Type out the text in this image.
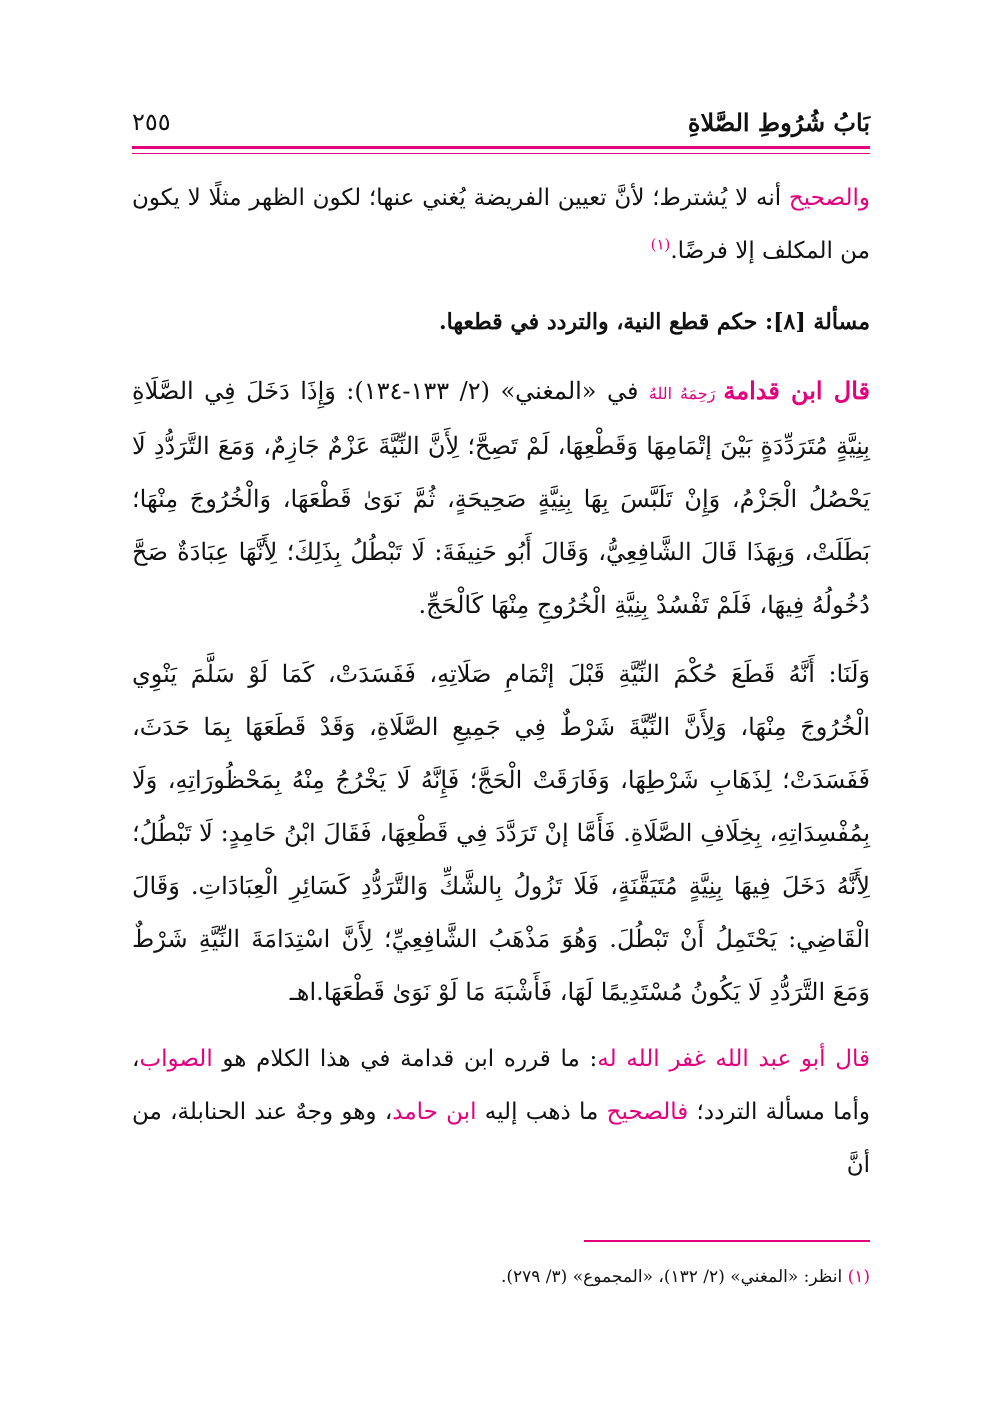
بَابُ شُرُوطِ الصَّلاةِ
٢٥٥

والصحيح أنه لا يُشترط؛ لأنَّ تعيين الفريضة يُغني عنها؛ لكون الظهر مثلًا لا يكون من المكلف إلا فرضًا.$^{(١)}$

مسألة [٨]: حكم قطع النية، والتردد في قطعها.

قال ابن قدامة رَحِمَهُ اللهُ في «المغني» (٢/ ١٣٣-١٣٤): وَإِذَا دَخَلَ فِي الصَّلَاةِ بِنِيَّةٍ مُتَرَدِّدَةٍ بَيْنَ إتْمَامِهَا وَقَطْعِهَا، لَمْ تَصِحَّ؛ لِأَنَّ النِّيَّةَ عَزْمٌ جَازِمٌ، وَمَعَ التَّرَدُّدِ لَا يَحْصُلُ الْجَزْمُ، وَإِنْ تَلَبَّسَ بِهَا بِنِيَّةٍ صَحِيحَةٍ، ثُمَّ نَوَىٰ قَطْعَهَا، وَالْخُرُوجَ مِنْهَا؛ بَطَلَتْ، وَبِهَذَا قَالَ الشَّافِعِيُّ، وَقَالَ أَبُو حَنِيفَةَ: لَا تَبْطُلُ بِذَلِكَ؛ لِأَنَّهَا عِبَادَةٌ صَحَّ دُخُولُهُ فِيهَا، فَلَمْ تَفْسُدْ بِنِيَّةِ الْخُرُوجِ مِنْهَا كَالْحَجِّ.

وَلَنَا: أَنَّهُ قَطَعَ حُكْمَ النِّيَّةِ قَبْلَ إتْمَامِ صَلَاتِهِ، فَفَسَدَتْ، كَمَا لَوْ سَلَّمَ يَنْوِي الْخُرُوجَ مِنْهَا، وَلِأَنَّ النِّيَّةَ شَرْطٌ فِي جَمِيعِ الصَّلَاةِ، وَقَدْ قَطَعَهَا بِمَا حَدَثَ، فَفَسَدَتْ؛ لِذَهَابِ شَرْطِهَا، وَفَارَقَتْ الْحَجَّ؛ فَإِنَّهُ لَا يَخْرُجُ مِنْهُ بِمَحْظُورَاتِهِ، وَلَا بِمُفْسِدَاتِهِ، بِخِلَافِ الصَّلَاةِ. فَأَمَّا إنْ تَرَدَّدَ فِي قَطْعِهَا، فَقَالَ ابْنُ حَامِدٍ: لَا تَبْطُلُ؛ لِأَنَّهُ دَخَلَ فِيهَا بِنِيَّةٍ مُتَيَقَّنَةٍ، فَلَا تَزُولُ بِالشَّكِّ وَالتَّرَدُّدِ كَسَائِرِ الْعِبَادَاتِ. وَقَالَ الْقَاضِي: يَحْتَمِلُ أَنْ تَبْطُلَ. وَهُوَ مَذْهَبُ الشَّافِعِيِّ؛ لِأَنَّ اسْتِدَامَةَ النِّيَّةِ شَرْطٌ وَمَعَ التَّرَدُّدِ لَا يَكُونُ مُسْتَدِيمًا لَهَا، فَأَشْبَهَ مَا لَوْ نَوَىٰ قَطْعَهَا.اهـ

قال أبو عبد الله غفر الله له: ما قرره ابن قدامة في هذا الكلام هو الصواب، وأما مسألة التردد؛ فالصحيح ما ذهب إليه ابن حامد، وهو وجهٌ عند الحنابلة، من أنَّ

(١) انظر: «المغني» (٢/ ١٣٢)، «المجموع» (٣/ ٢٧٩).
